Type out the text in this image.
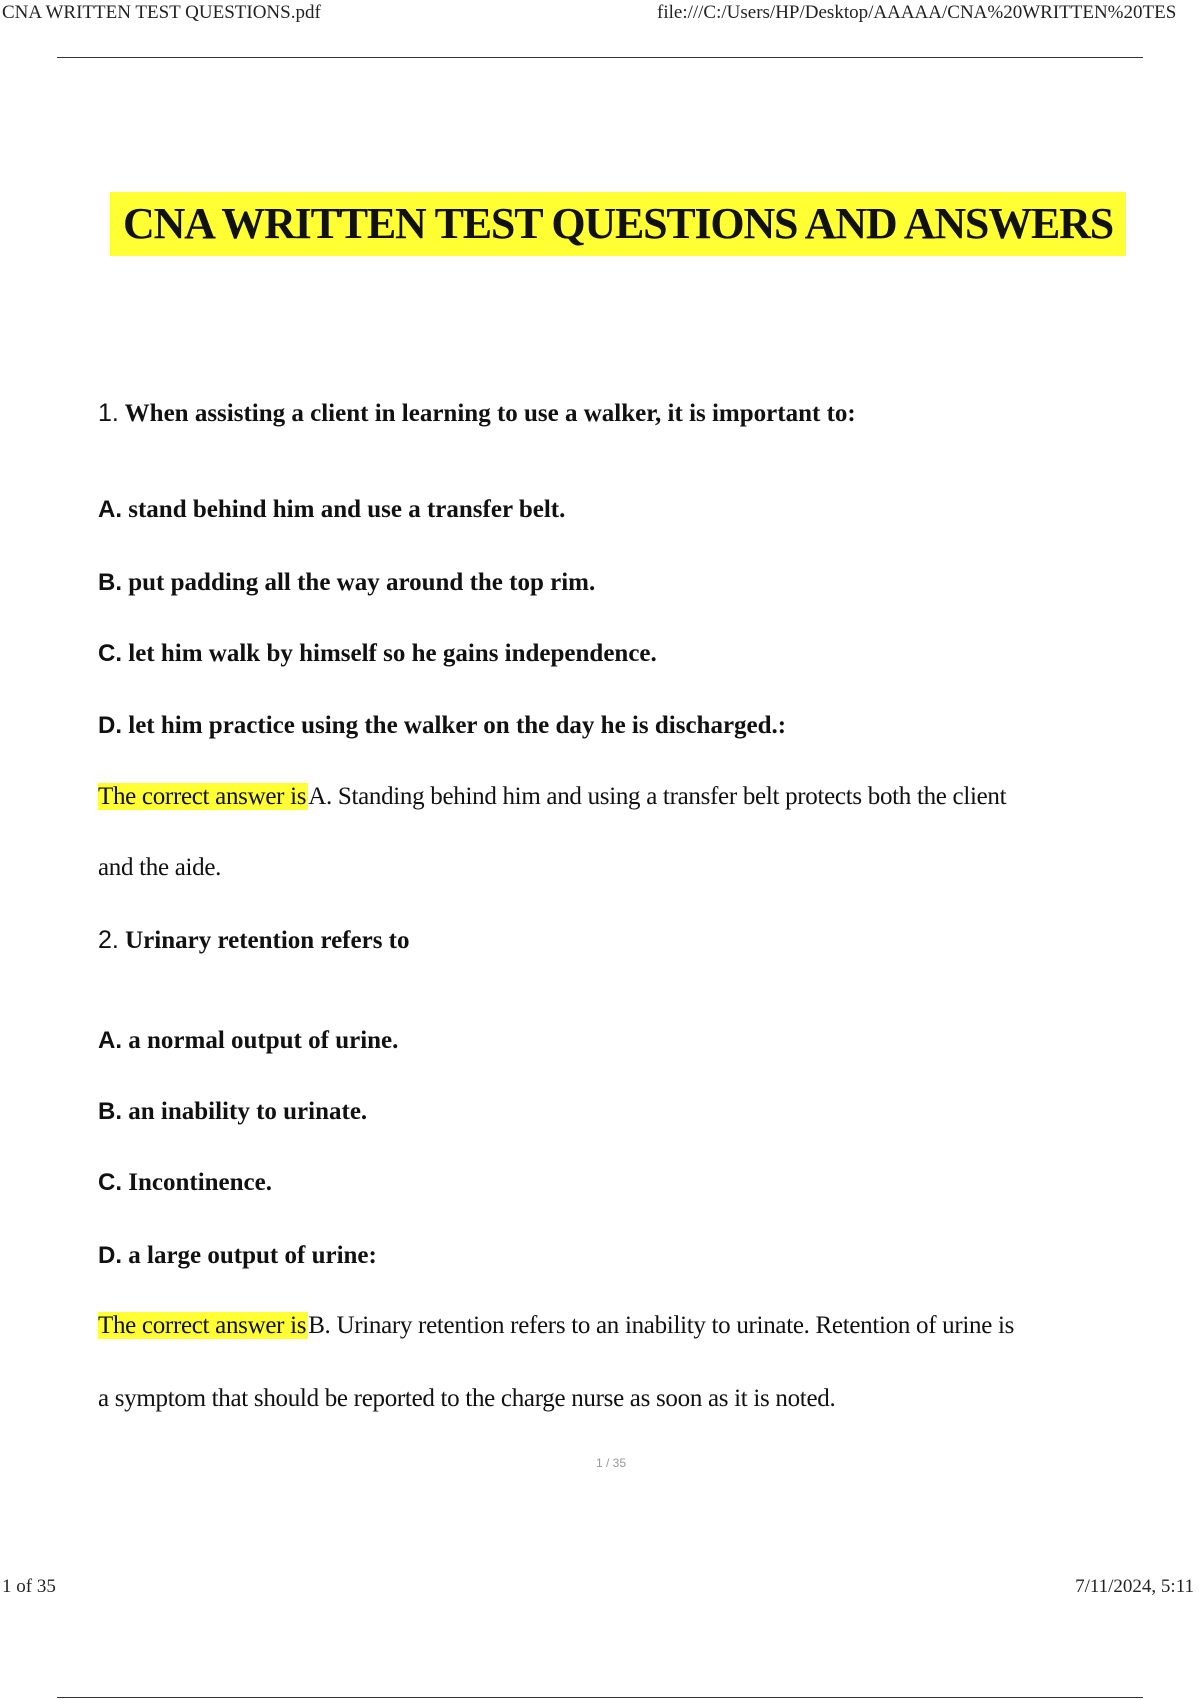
CNA WRITTEN TEST QUESTIONS.pdf	file:///C:/Users/HP/Desktop/AAAAA/CNA%20WRITTEN%20TES
CNA WRITTEN TEST QUESTIONS AND ANSWERS
1. When assisting a client in learning to use a walker, it is important to:
A. stand behind him and use a transfer belt.
B. put padding all the way around the top rim.
C. let him walk by himself so he gains independence.
D. let him practice using the walker on the day he is discharged.:
The correct answer isA. Standing behind him and using a transfer belt protects both the client
and the aide.
2. Urinary retention refers to
A. a normal output of urine.
B. an inability to urinate.
C. Incontinence.
D. a large output of urine:
The correct answer isB. Urinary retention refers to an inability to urinate. Retention of urine is
a symptom that should be reported to the charge nurse as soon as it is noted.
1 / 35
1 of 35	7/11/2024, 5:11
